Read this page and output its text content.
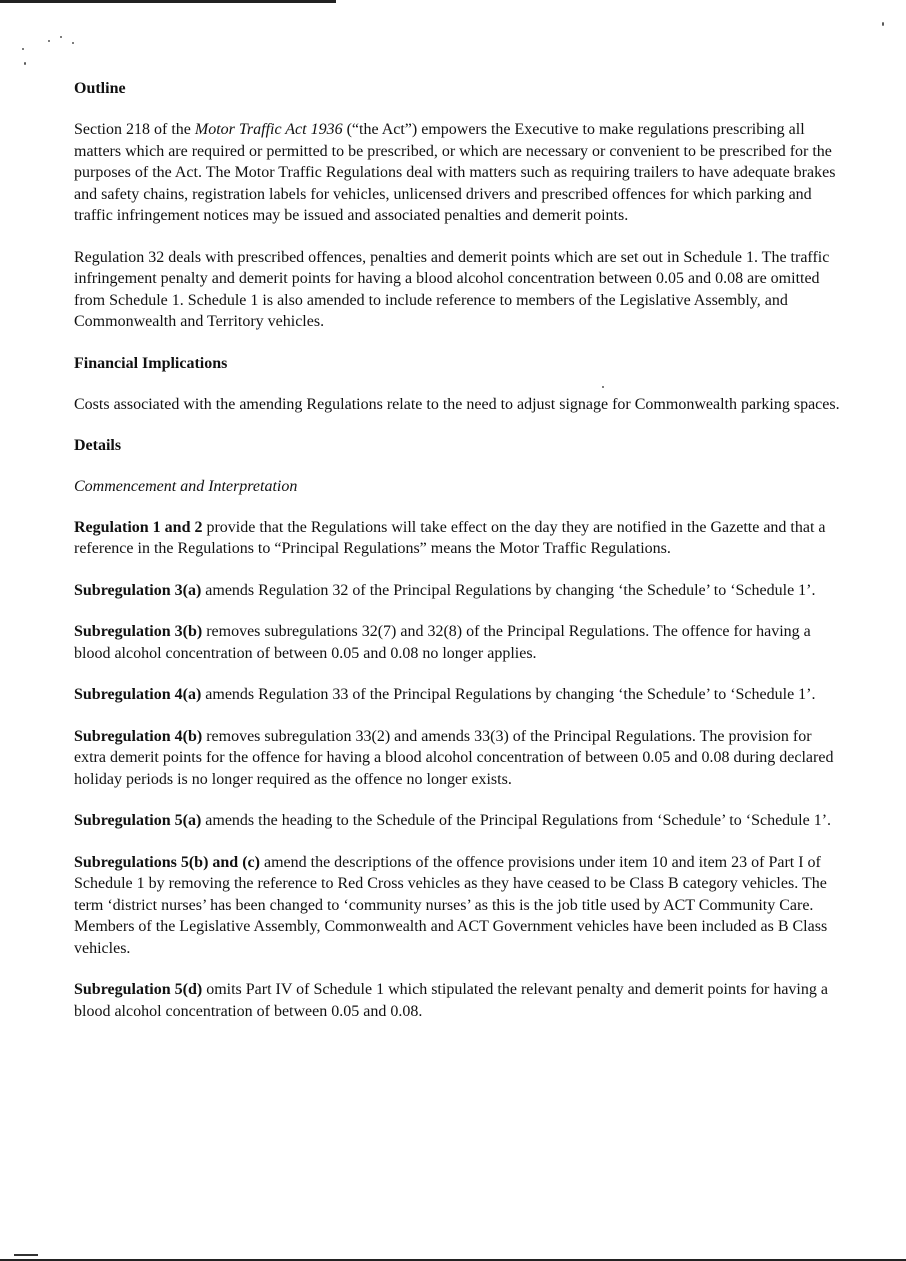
Outline

Section 218 of the Motor Traffic Act 1936 (“the Act”) empowers the Executive to make regulations prescribing all matters which are required or permitted to be prescribed, or which are necessary or convenient to be prescribed for the purposes of the Act. The Motor Traffic Regulations deal with matters such as requiring trailers to have adequate brakes and safety chains, registration labels for vehicles, unlicensed drivers and prescribed offences for which parking and traffic infringement notices may be issued and associated penalties and demerit points.

Regulation 32 deals with prescribed offences, penalties and demerit points which are set out in Schedule 1. The traffic infringement penalty and demerit points for having a blood alcohol concentration between 0.05 and 0.08 are omitted from Schedule 1. Schedule 1 is also amended to include reference to members of the Legislative Assembly, and Commonwealth and Territory vehicles.

Financial Implications

Costs associated with the amending Regulations relate to the need to adjust signage for Commonwealth parking spaces.

Details

Commencement and Interpretation

Regulation 1 and 2 provide that the Regulations will take effect on the day they are notified in the Gazette and that a reference in the Regulations to “Principal Regulations” means the Motor Traffic Regulations.

Subregulation 3(a) amends Regulation 32 of the Principal Regulations by changing ‘the Schedule’ to ‘Schedule 1’.

Subregulation 3(b) removes subregulations 32(7) and 32(8) of the Principal Regulations. The offence for having a blood alcohol concentration of between 0.05 and 0.08 no longer applies.

Subregulation 4(a) amends Regulation 33 of the Principal Regulations by changing ‘the Schedule’ to ‘Schedule 1’.

Subregulation 4(b) removes subregulation 33(2) and amends 33(3) of the Principal Regulations. The provision for extra demerit points for the offence for having a blood alcohol concentration of between 0.05 and 0.08 during declared holiday periods is no longer required as the offence no longer exists.

Subregulation 5(a) amends the heading to the Schedule of the Principal Regulations from ‘Schedule’ to ‘Schedule 1’.

Subregulations 5(b) and (c) amend the descriptions of the offence provisions under item 10 and item 23 of Part I of Schedule 1 by removing the reference to Red Cross vehicles as they have ceased to be Class B category vehicles. The term ‘district nurses’ has been changed to ‘community nurses’ as this is the job title used by ACT Community Care. Members of the Legislative Assembly, Commonwealth and ACT Government vehicles have been included as B Class vehicles.

Subregulation 5(d) omits Part IV of Schedule 1 which stipulated the relevant penalty and demerit points for having a blood alcohol concentration of between 0.05 and 0.08.
